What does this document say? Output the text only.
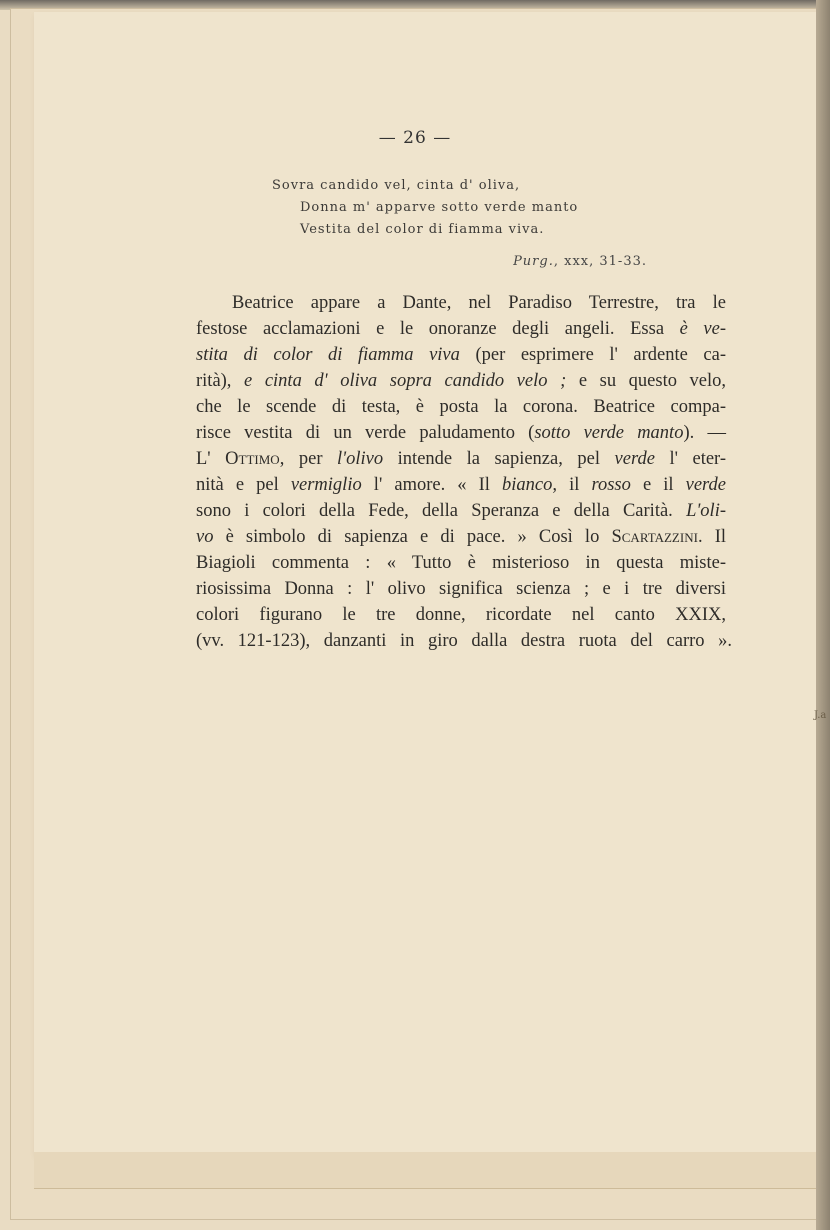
— 26 —
Sovra candido vel, cinta d' oliva,
Donna m' apparve sotto verde manto
Vestita del color di fiamma viva.
Purg., xxx, 31-33.
Beatrice appare a Dante, nel Paradiso Terrestre, tra le
festose acclamazioni e le onoranze degli angeli. Essa è ve-
stita di color di fiamma viva (per esprimere l' ardente ca-
rità), e cinta d' oliva sopra candido velo ; e su questo velo,
che le scende di testa, è posta la corona. Beatrice compa-
risce vestita di un verde paludamento (sotto verde manto). —
L' Ottimo, per l'olivo intende la sapienza, pel verde l' eter-
nità e pel vermiglio l' amore. « Il bianco, il rosso e il verde
sono i colori della Fede, della Speranza e della Carità. L'oli-
vo è simbolo di sapienza e di pace. » Così lo Scartazzini. Il
Biagioli commenta : « Tutto è misterioso in questa miste-
riosissima Donna : l' olivo significa scienza ; e i tre diversi
colori figurano le tre donne, ricordate nel canto XXIX,
(vv. 121-123), danzanti in giro dalla destra ruota del carro ».
J.a
